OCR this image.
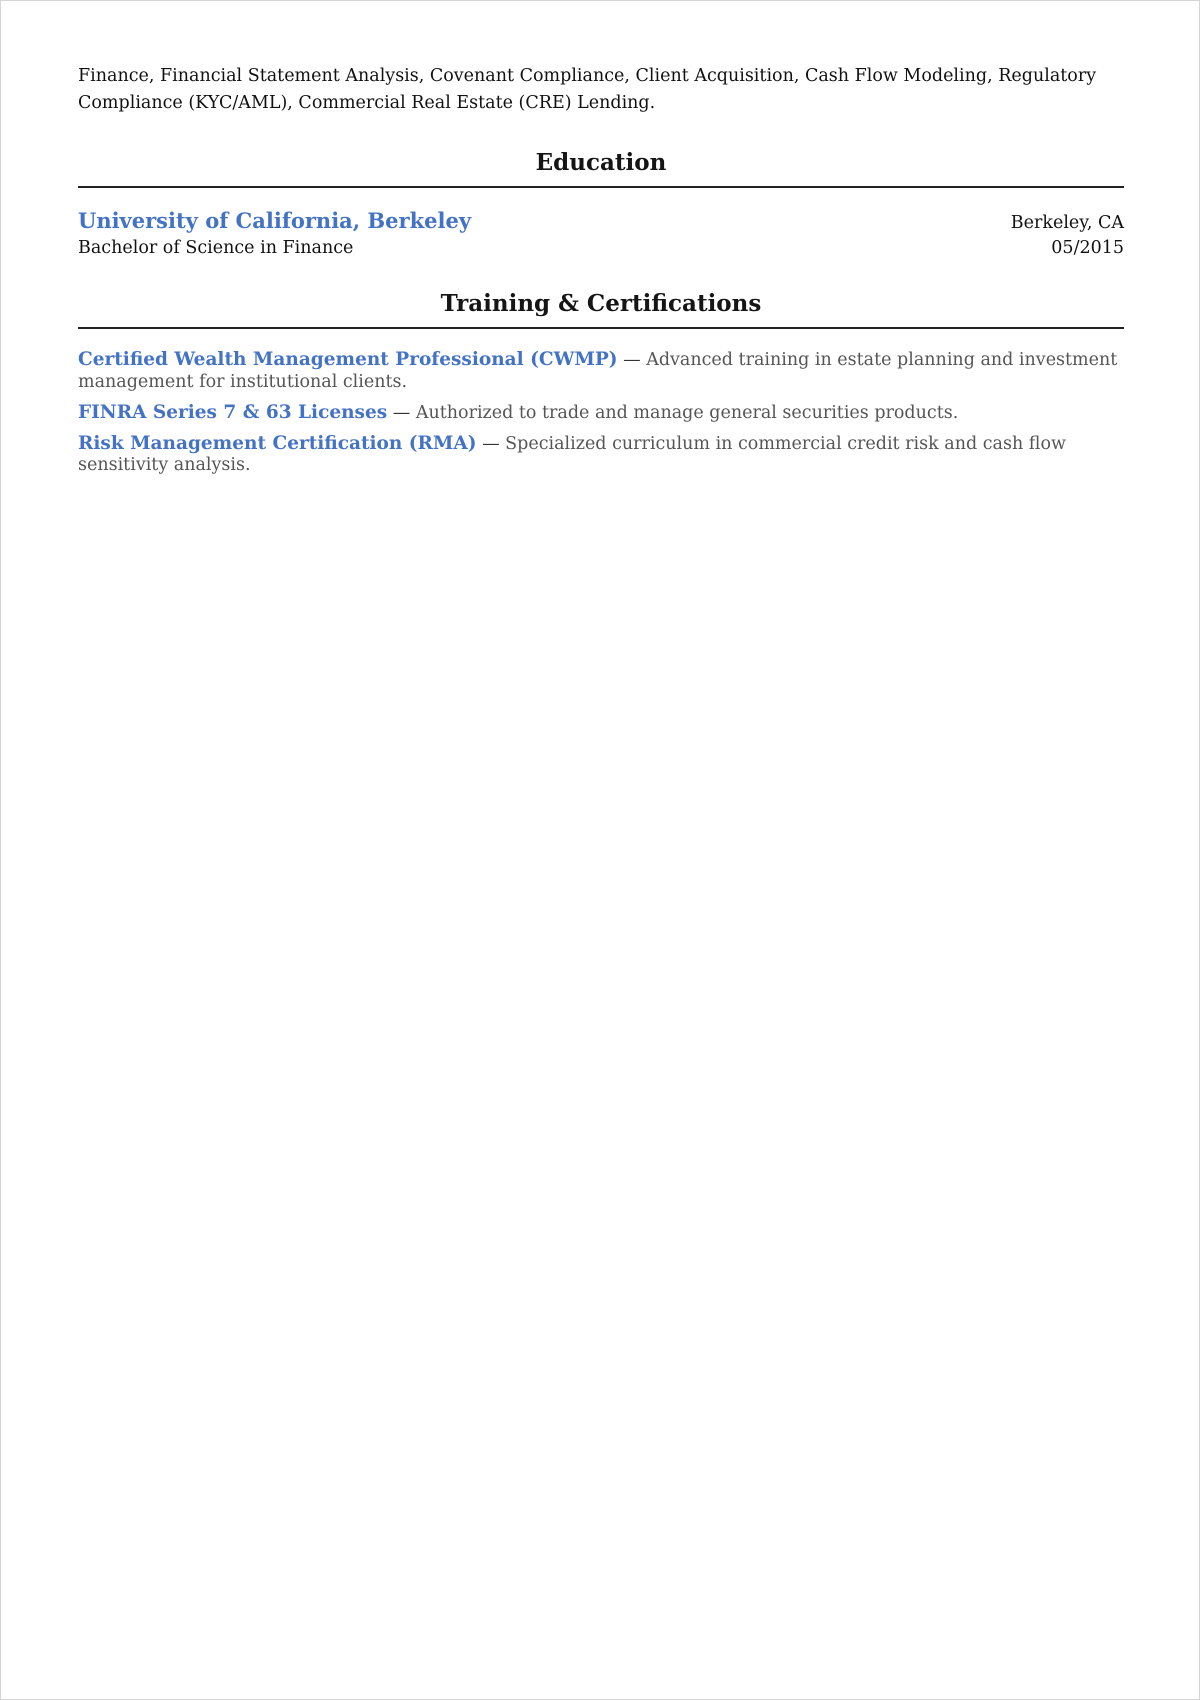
Finance, Financial Statement Analysis, Covenant Compliance, Client Acquisition, Cash Flow Modeling, Regulatory Compliance (KYC/AML), Commercial Real Estate (CRE) Lending.

Education
University of California, Berkeley	Berkeley, CA
Bachelor of Science in Finance	05/2015
Training & Certifications
Certified Wealth Management Professional (CWMP) — Advanced training in estate planning and investment management for institutional clients.
FINRA Series 7 & 63 Licenses — Authorized to trade and manage general securities products.
Risk Management Certification (RMA) — Specialized curriculum in commercial credit risk and cash flow sensitivity analysis.
